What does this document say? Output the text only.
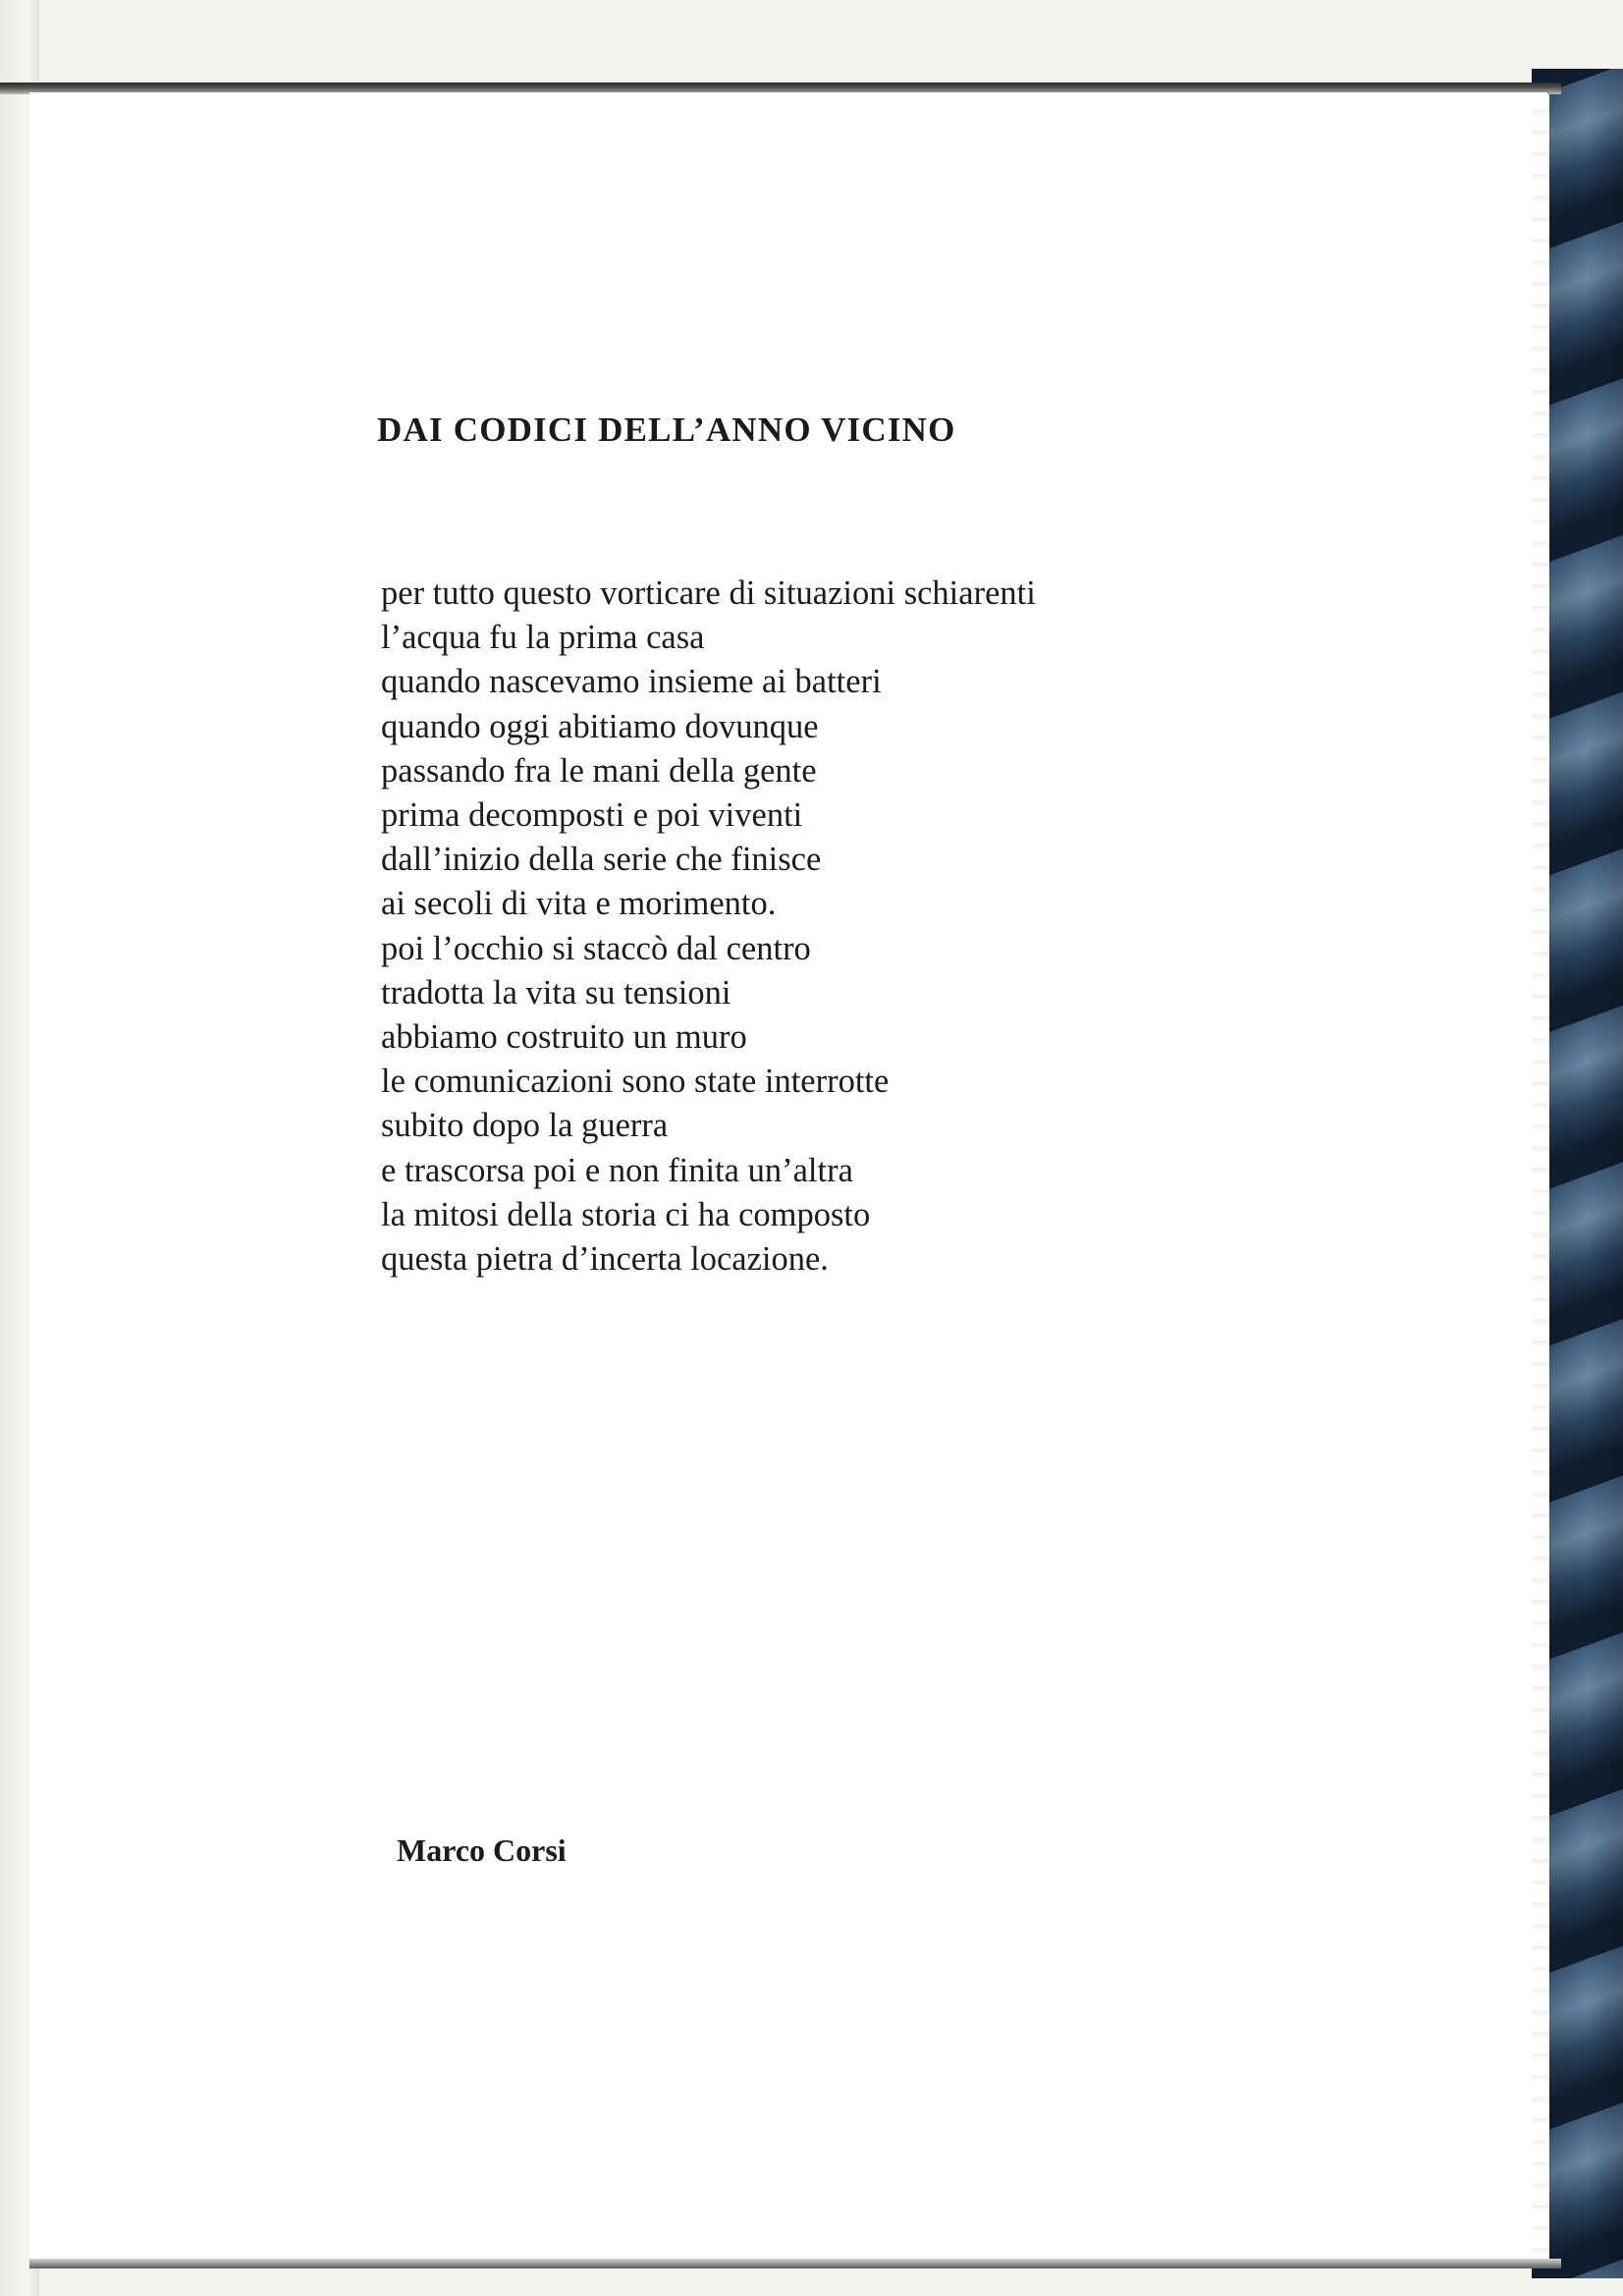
DAI CODICI DELL’ANNO VICINO
per tutto questo vorticare di situazioni schiarenti
l’acqua fu la prima casa
quando nascevamo insieme ai batteri
quando oggi abitiamo dovunque
passando fra le mani della gente
prima decomposti e poi viventi
dall’inizio della serie che finisce
ai secoli di vita e morimento.
poi l’occhio si staccò dal centro
tradotta la vita su tensioni
abbiamo costruito un muro
le comunicazioni sono state interrotte
subito dopo la guerra
e trascorsa poi e non finita un’altra
la mitosi della storia ci ha composto
questa pietra d’incerta locazione.

Marco Corsi
